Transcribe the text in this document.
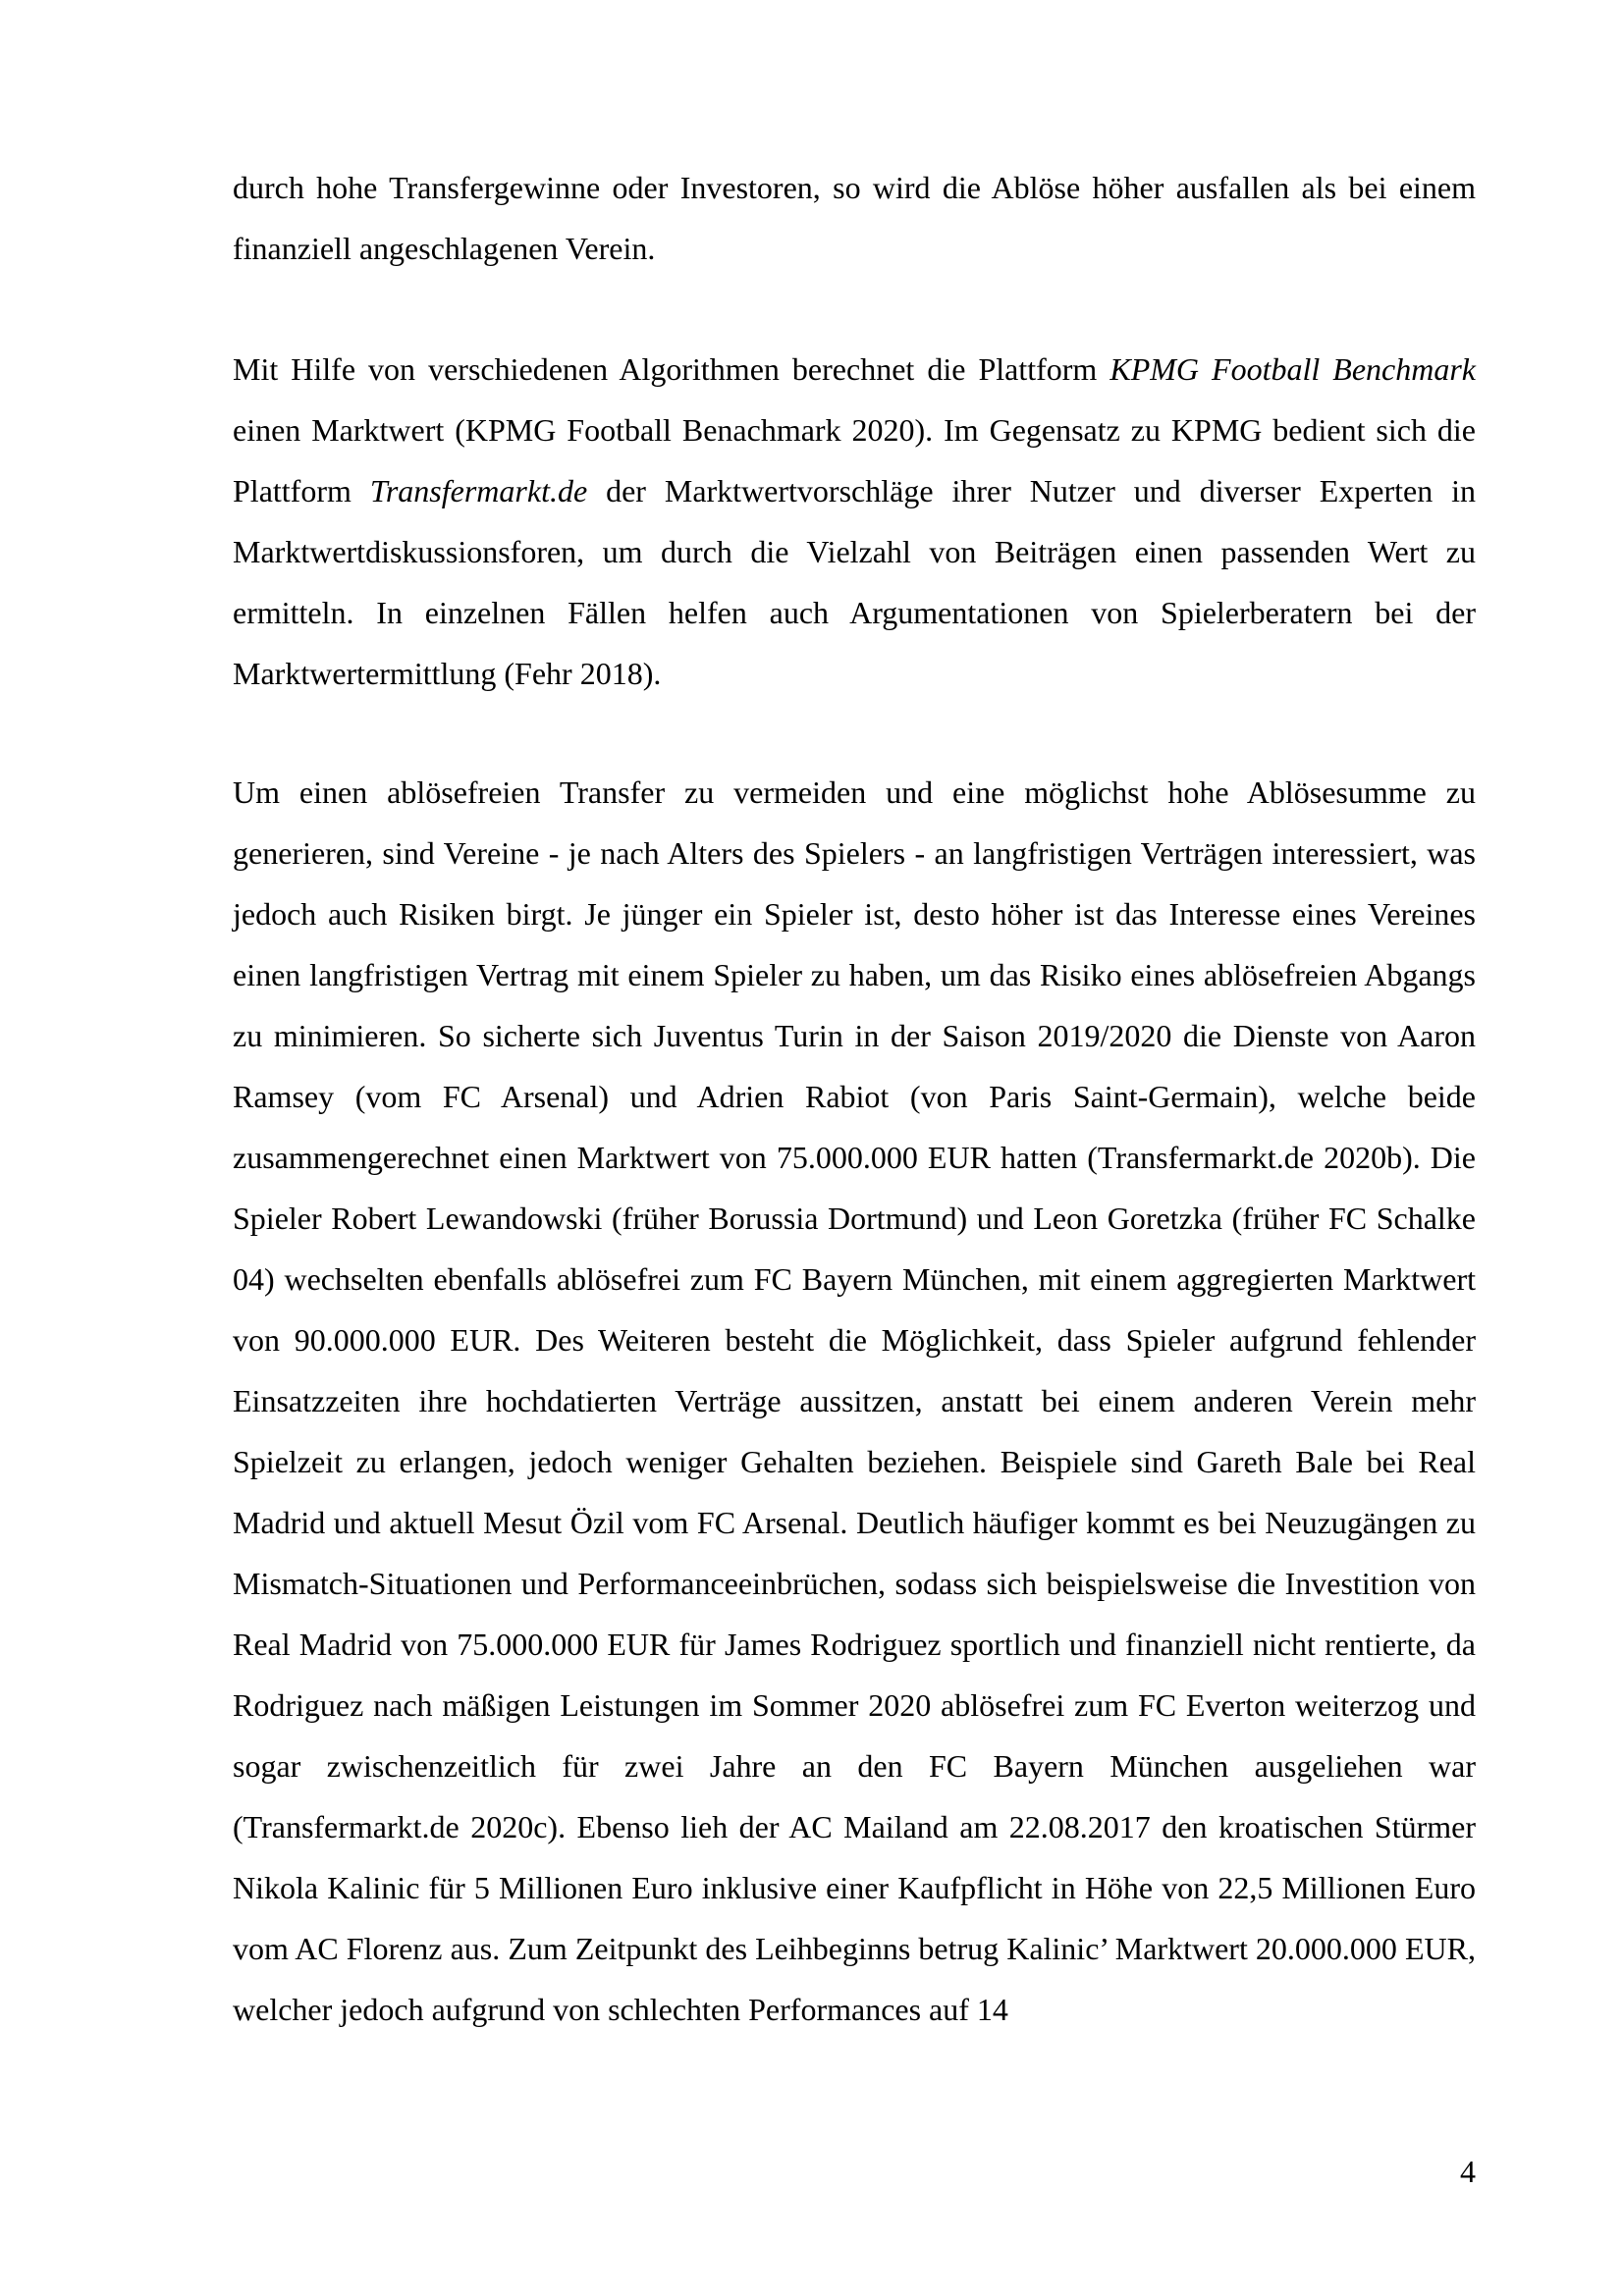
durch hohe Transfergewinne oder Investoren, so wird die Ablöse höher ausfallen als bei einem finanziell angeschlagenen Verein.

Mit Hilfe von verschiedenen Algorithmen berechnet die Plattform KPMG Football Benchmark einen Marktwert (KPMG Football Benachmark 2020). Im Gegensatz zu KPMG bedient sich die Plattform Transfermarkt.de der Marktwertvorschläge ihrer Nutzer und diverser Experten in Marktwertdiskussionsforen, um durch die Vielzahl von Beiträgen einen passenden Wert zu ermitteln. In einzelnen Fällen helfen auch Argumentationen von Spielerberatern bei der Marktwertermittlung (Fehr 2018).

Um einen ablösefreien Transfer zu vermeiden und eine möglichst hohe Ablösesumme zu generieren, sind Vereine - je nach Alters des Spielers - an langfristigen Verträgen interessiert, was jedoch auch Risiken birgt. Je jünger ein Spieler ist, desto höher ist das Interesse eines Vereines einen langfristigen Vertrag mit einem Spieler zu haben, um das Risiko eines ablösefreien Abgangs zu minimieren. So sicherte sich Juventus Turin in der Saison 2019/2020 die Dienste von Aaron Ramsey (vom FC Arsenal) und Adrien Rabiot (von Paris Saint-Germain), welche beide zusammengerechnet einen Marktwert von 75.000.000 EUR hatten (Transfermarkt.de 2020b). Die Spieler Robert Lewandowski (früher Borussia Dortmund) und Leon Goretzka (früher FC Schalke 04) wechselten ebenfalls ablösefrei zum FC Bayern München, mit einem aggregierten Marktwert von 90.000.000 EUR. Des Weiteren besteht die Möglichkeit, dass Spieler aufgrund fehlender Einsatzzeiten ihre hochdatierten Verträge aussitzen, anstatt bei einem anderen Verein mehr Spielzeit zu erlangen, jedoch weniger Gehalten beziehen. Beispiele sind Gareth Bale bei Real Madrid und aktuell Mesut Özil vom FC Arsenal. Deutlich häufiger kommt es bei Neuzugängen zu Mismatch-Situationen und Performanceeinbrüchen, sodass sich beispielsweise die Investition von Real Madrid von 75.000.000 EUR für James Rodriguez sportlich und finanziell nicht rentierte, da Rodriguez nach mäßigen Leistungen im Sommer 2020 ablösefrei zum FC Everton weiterzog und sogar zwischenzeitlich für zwei Jahre an den FC Bayern München ausgeliehen war (Transfermarkt.de 2020c). Ebenso lieh der AC Mailand am 22.08.2017 den kroatischen Stürmer Nikola Kalinic für 5 Millionen Euro inklusive einer Kaufpflicht in Höhe von 22,5 Millionen Euro vom AC Florenz aus. Zum Zeitpunkt des Leihbeginns betrug Kalinic’ Marktwert 20.000.000 EUR, welcher jedoch aufgrund von schlechten Performances auf 14

4
